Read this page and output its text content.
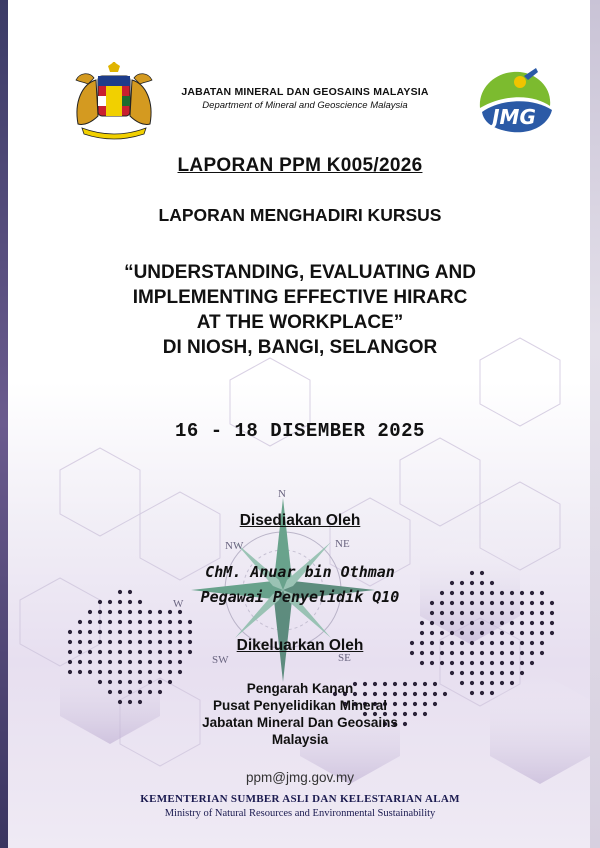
JABATAN MINERAL DAN GEOSAINS MALAYSIA
Department of Mineral and Geoscience Malaysia	JMG
LAPORAN PPM K005/2026
LAPORAN MENGHADIRI KURSUS
“UNDERSTANDING, EVALUATING AND
IMPLEMENTING EFFECTIVE HIRARC
AT THE WORKPLACE”
DI NIOSH, BANGI, SELANGOR
16 - 18 DISEMBER 2025
N
NW	NE
W
SW	SE
Disediakan Oleh
ChM. Anuar bin Othman
Pegawai Penyelidik Q10
Dikeluarkan Oleh
Pengarah Kanan
Pusat Penyelidikan Mineral
Jabatan Mineral Dan Geosains
Malaysia
ppm@jmg.gov.my
KEMENTERIAN SUMBER ASLI DAN KELESTARIAN ALAM
Ministry of Natural Resources and Environmental Sustainability
